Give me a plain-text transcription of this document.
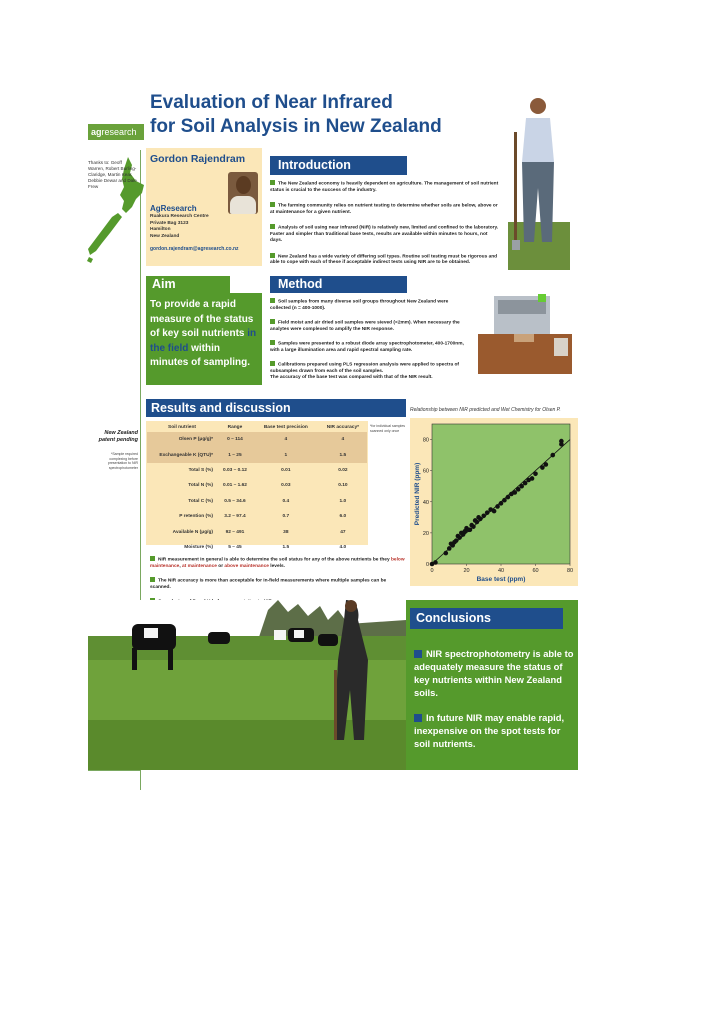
Evaluation of Near Infrared
for Soil Analysis in New Zealand
agresearch
Thanks to: Geoff Warren, Robert Burling-Claridge, Martin Kear, Debbie Dewar and Dale Frew
Gordon Rajendram
AgResearch
Ruakura Research Centre
Private Bag 3123
Hamilton
New Zealand
gordon.rajendram@agresearch.co.nz
Introduction

The New Zealand economy is heavily dependent on agriculture. The management of soil nutrient status is crucial to the success of the industry.

The farming community relies on nutrient testing to determine whether soils are below, above or at maintenance for a given nutrient.

Analysis of soil using near infrared (NIR) is relatively new, limited and confined to the laboratory. Faster and simpler than traditional base tests, results are available within minutes to hours, not days.

New Zealand has a wide variety of differing soil types. Routine soil testing must be rigorous and able to cope with each of these if acceptable indirect tests using NIR are to be obtained.

Aim
To provide a rapid measure of the status of key soil nutrients in the field within minutes of sampling.
Method

Soil samples from many diverse soil groups throughout New Zealand were collected (n = 400-1000).

Field moist and air dried soil samples were sieved (<2mm). When necessary the analytes were complexed to amplify the NIR response.

Samples were presented to a robust diode array spectrophotometer, 400-1700nm, with a large illumination area and rapid spectral sampling rate.

Calibrations prepared using PLS regression analysis were applied to spectra of subsamples drawn from each of the soil samples.
The accuracy of the base test was compared with that of the NIR result.

Results and discussion
New Zealand patent pending
*Sample required complexing before presentation to NIR spectrophotometer
Soil nutrient	Range	Base test precision	NIR accuracy*
Olsen P (μg/g)*	0 – 114	4	4
Exchangeable K (QTU)*	1 – 25	1	1.5
Total S (%)	0.03 – 0.12	0.01	0.02
Total N (%)	0.01 – 1.62	0.03	0.10
Total C (%)	0.5 – 34.6	0.4	1.0
P retention (%)	3.2 – 97.4	0.7	6.0
Available N (μg/g)	92 – 491	38	47
Moisture (%)	5 – 45	1.5	4.0
*for individual samples scanned only once

NIR measurement in general is able to determine the soil status for any of the above nutrients be they below maintenance, at maintenance or above maintenance levels.

The NIR accuracy is more than acceptable for in-field measurements where multiple samples can be scanned.

Relationship between NIR predicted and Wet Chemistry for Olsen P.
0	20	40	60	80
0
20
40
60
80
Base test (ppm)
Predicted NIR (ppm)
Conclusions

NIR spectrophotometry is able to adequately measure the status of key nutrients within New Zealand soils.

In future NIR may enable rapid, inexpensive on the spot tests for soil nutrients.
